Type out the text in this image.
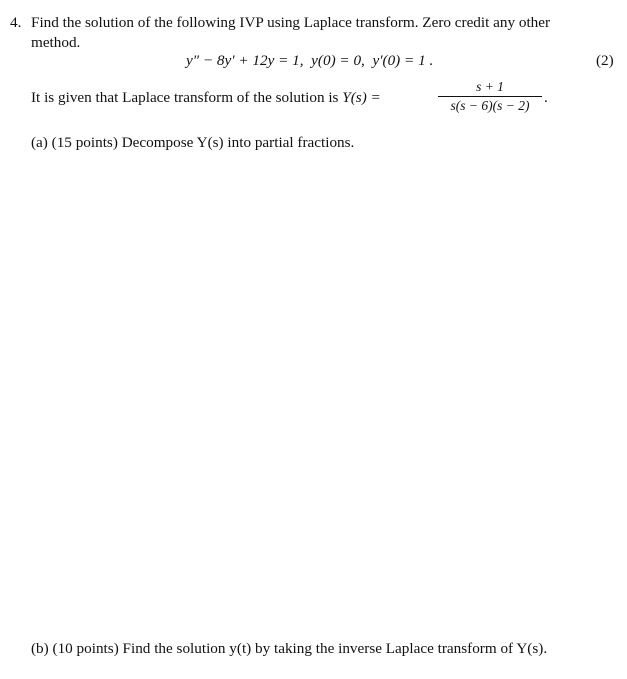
4. Find the solution of the following IVP using Laplace transform. Zero credit any other
method.
y″ − 8y′ + 12y = 1, y(0) = 0, y′(0) = 1 .	(2)
It is given that Laplace transform of the solution is Y(s) =
s + 1
s(s − 6)(s − 2) .
(a) (15 points) Decompose Y(s) into partial fractions.
(b) (10 points) Find the solution y(t) by taking the inverse Laplace transform of Y(s).
